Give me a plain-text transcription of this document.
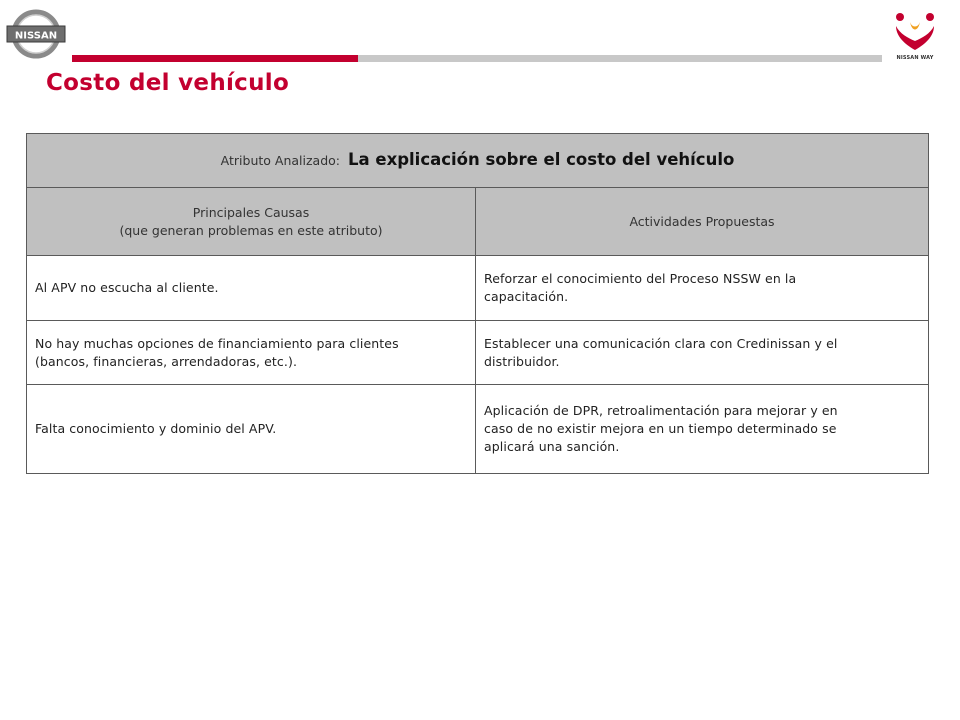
NISSAN
NISSAN WAY
Costo del vehículo
Atributo Analizado: La explicación sobre el costo del vehículo	

Principales Causas
(que generan problemas en este atributo)	Actividades Propuestas

Al APV no escucha al cliente.	Reforzar el conocimiento del Proceso NSSW en la
capacitación.

No hay muchas opciones de financiamiento para clientes
(bancos, financieras, arrendadoras, etc.).	Establecer una comunicación clara con Credinissan y el
distribuidor.

Falta conocimiento y dominio del APV.	Aplicación de DPR, retroalimentación para mejorar y en
caso de no existir mejora en un tiempo determinado se
aplicará una sanción.
